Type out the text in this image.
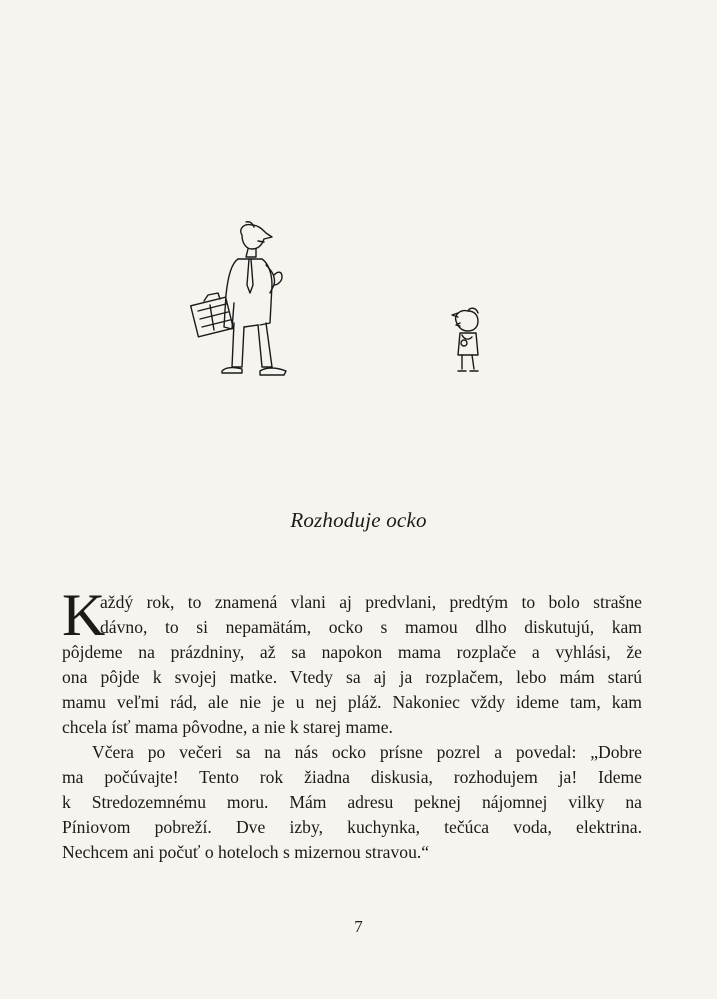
Rozhoduje ocko
K
aždý rok, to znamená vlani aj predvlani, predtým to bolo strašne
dávno, to si nepamätám, ocko s mamou dlho diskutujú, kam
pôjdeme na prázdniny, až sa napokon mama rozplače a vyhlási, že
ona pôjde k svojej matke. Vtedy sa aj ja rozplačem, lebo mám starú
mamu veľmi rád, ale nie je u nej pláž. Nakoniec vždy ideme tam, kam
chcela ísť mama pôvodne, a nie k starej mame.
Včera po večeri sa na nás ocko prísne pozrel a povedal: „Dobre
ma počúvajte! Tento rok žiadna diskusia, rozhodujem ja! Ideme
k Stredozemnému moru. Mám adresu peknej nájomnej vilky na
Píniovom pobreží. Dve izby, kuchynka, tečúca voda, elektrina.
Nechcem ani počuť o hoteloch s mizernou stravou.“
7
